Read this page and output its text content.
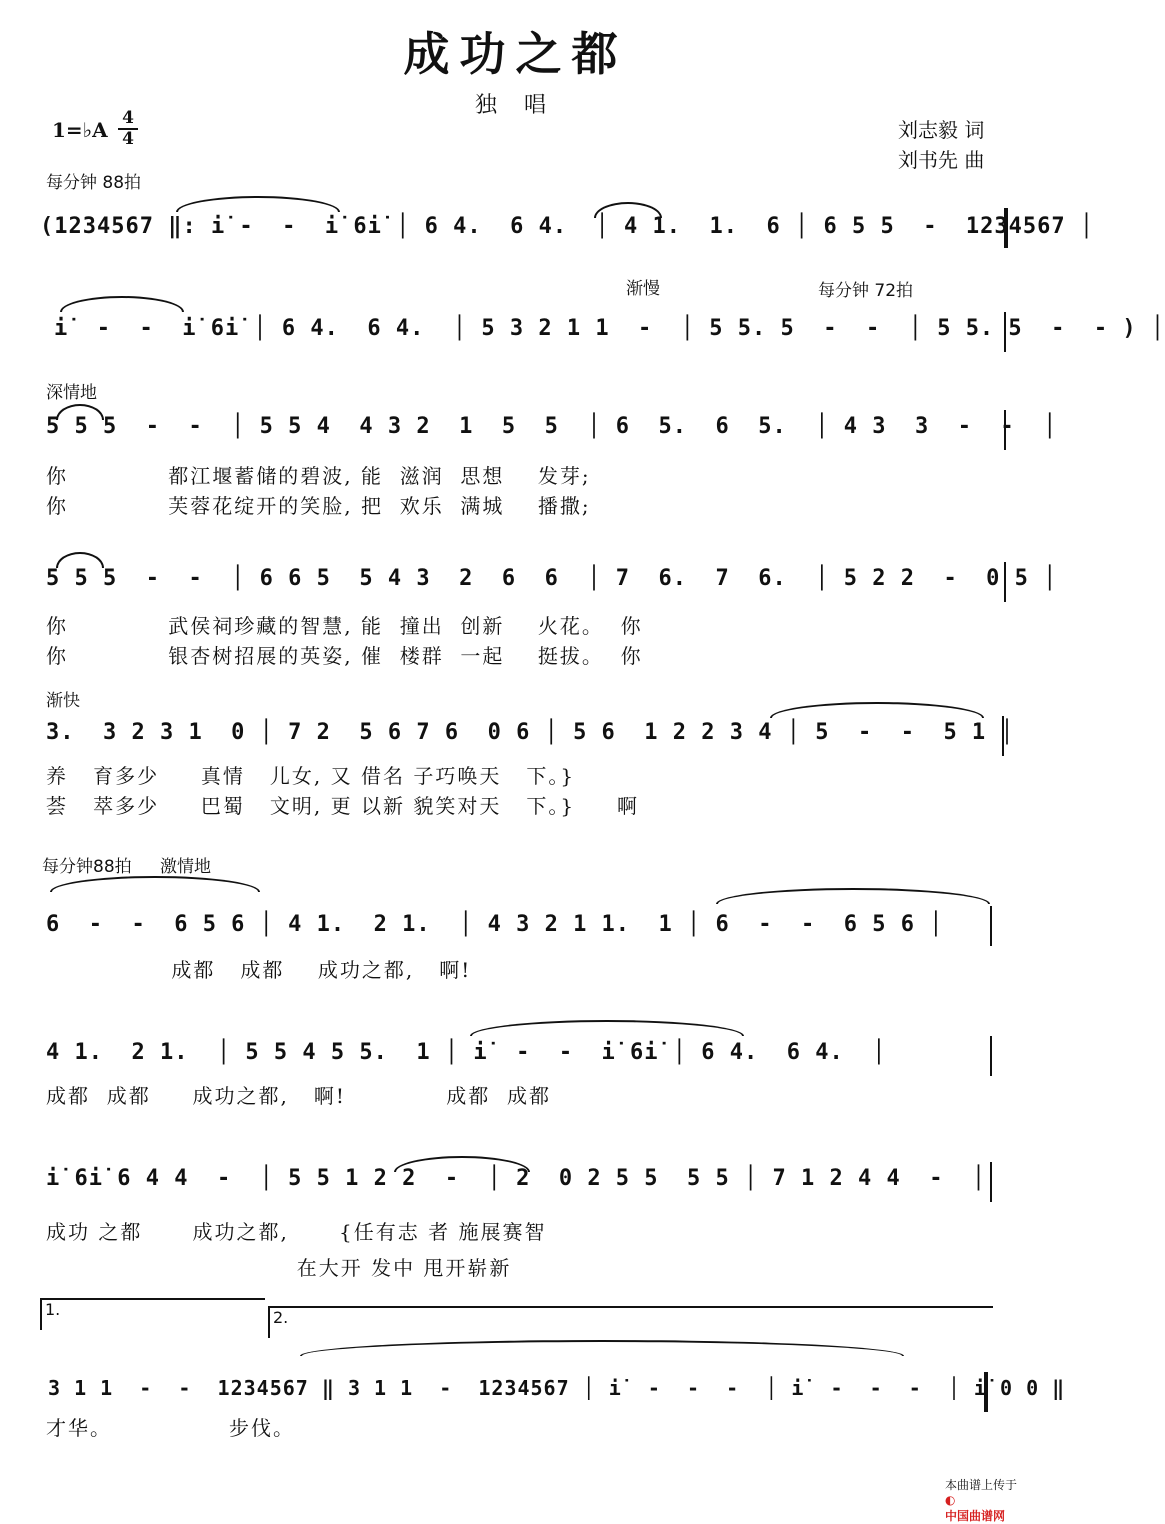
成功之都
独 唱
刘志毅 词
刘书先 曲
1=♭A 4
4
每分钟 88拍
渐慢	每分钟 72拍
深情地
渐快
每分钟88拍 激情地
(1234567 ‖: i̇ -  -  i̇ 6i̇ │ 6 4.  6 4.  │ 4 1.  1.  6 │ 6 5 5  -  1234567 │
i̇  -  -  i̇ 6i̇ │ 6 4.  6 4.  │ 5 3 2 1 1  -  │ 5 5. 5  -  -  │ 5 5. 5  -  - ) │
5 5 5  -  -  │ 5 5 4  4 3 2  1  5  5  │ 6  5.  6  5.  │ 4 3  3  -  -  │
你            都江堰蓄储的碧波, 能  滋润  思想    发芽;
你            芙蓉花绽开的笑脸, 把  欢乐  满城    播撒;
5 5 5  -  -  │ 6 6 5  5 4 3  2  6  6  │ 7  6.  7  6.  │ 5 2 2  -  0 5 │
你            武侯祠珍藏的智慧, 能  撞出  创新    火花。  你
你            银杏树招展的英姿, 催  楼群  一起    挺拔。  你
3.  3 2 3 1  0 │ 7 2  5 6 7 6  0 6 │ 5 6  1 2 2 3 4 │ 5  -  -  5 1 │
养   育多少     真情   儿女, 又 借名 子巧唤天   下。}
荟   萃多少     巴蜀   文明, 更 以新 貌笑对天   下。}     啊
6  -  -  6 5 6 │ 4 1.  2 1.  │ 4 3 2 1 1.  1 │ 6  -  -  6 5 6 │
成都   成都    成功之都,   啊!
4 1.  2 1.  │ 5 5 4 5 5.  1 │ i̇  -  -  i̇ 6i̇ │ 6 4.  6 4.  │
成都  成都     成功之都,   啊!            成都  成都
i̇ 6i̇ 6 4 4  -  │ 5 5 1 2 2  -  │ 2  0 2 5 5  5 5 │ 7 1 2 4 4  -  │
成功 之都      成功之都,      {任有志 者 施展赛智
在大开 发中 甩开崭新
1.	2.
3 1 1  -  -  1234567 ‖ 3 1 1  -  1234567 │ i̇  -  -  -  │ i̇  -  -  -  │ i̇ 0 0 ‖
才华。              步伐。

本曲谱上传于
◐
中国曲谱网
